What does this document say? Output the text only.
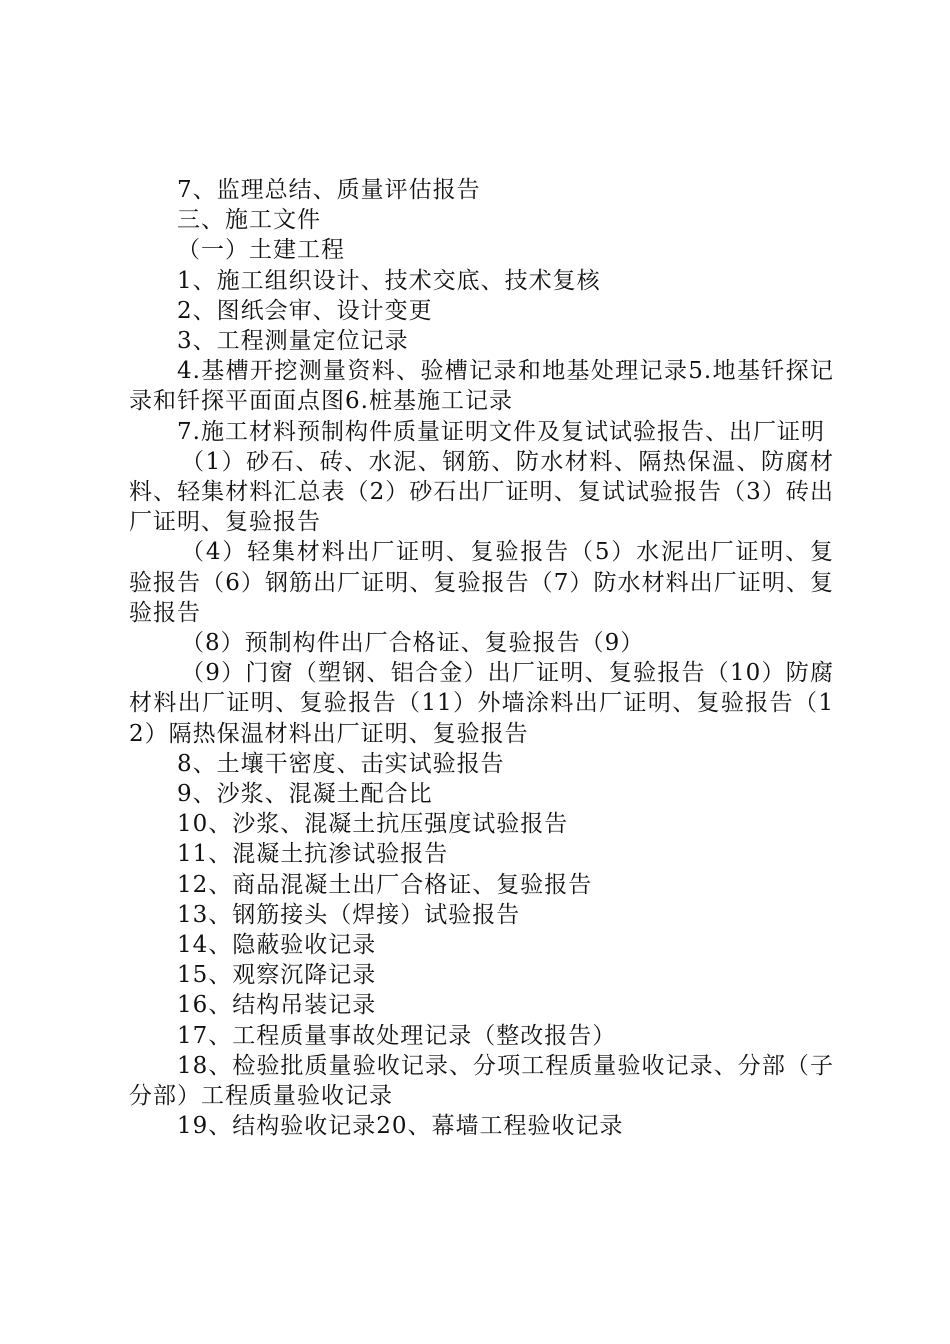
7、监理总结、质量评估报告

三、施工文件

（一）土建工程

1、施工组织设计、技术交底、技术复核

2、图纸会审、设计变更

3、工程测量定位记录

4.基槽开挖测量资料、验槽记录和地基处理记录5.地基钎探记录和钎探平面面点图6.桩基施工记录

7.施工材料预制构件质量证明文件及复试试验报告、出厂证明

（1）砂石、砖、水泥、钢筋、防水材料、隔热保温、防腐材料、轻集材料汇总表（2）砂石出厂证明、复试试验报告（3）砖出厂证明、复验报告

（4）轻集材料出厂证明、复验报告（5）水泥出厂证明、复验报告（6）钢筋出厂证明、复验报告（7）防水材料出厂证明、复验报告

（8）预制构件出厂合格证、复验报告（9）

（9）门窗（塑钢、铝合金）出厂证明、复验报告（10）防腐材料出厂证明、复验报告（11）外墙涂料出厂证明、复验报告（12）隔热保温材料出厂证明、复验报告

8、土壤干密度、击实试验报告

9、沙浆、混凝土配合比

10、沙浆、混凝土抗压强度试验报告

11、混凝土抗渗试验报告

12、商品混凝土出厂合格证、复验报告

13、钢筋接头（焊接）试验报告

14、隐蔽验收记录

15、观察沉降记录

16、结构吊装记录

17、工程质量事故处理记录（整改报告）

18、检验批质量验收记录、分项工程质量验收记录、分部（子分部）工程质量验收记录

19、结构验收记录20、幕墙工程验收记录
